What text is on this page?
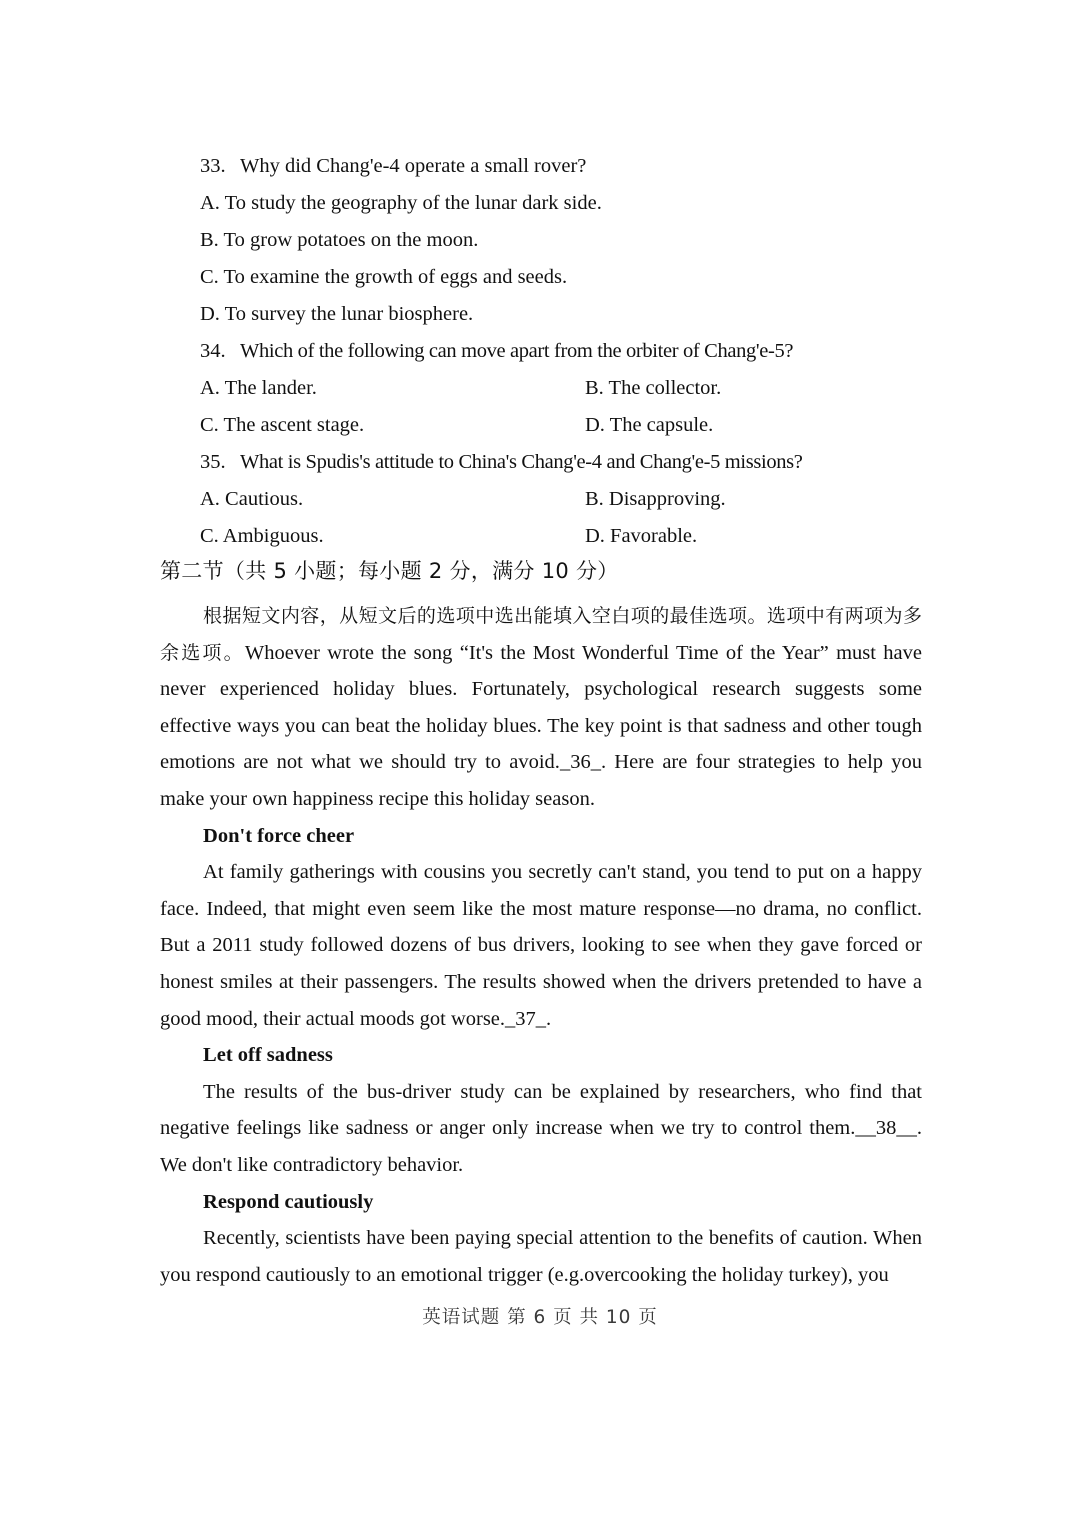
33. Why did Chang'e-4 operate a small rover?
A. To study the geography of the lunar dark side.
B. To grow potatoes on the moon.
C. To examine the growth of eggs and seeds.
D. To survey the lunar biosphere.
34. Which of the following can move apart from the orbiter of Chang'e-5?
A. The lander.	B. The collector.
C. The ascent stage.	D. The capsule.
35. What is Spudis's attitude to China's Chang'e-4 and Chang'e-5 missions?
A. Cautious.	B. Disapproving.
C. Ambiguous.	D. Favorable.
第二节（共 5 小题；每小题 2 分，满分 10 分）

根据短文内容，从短文后的选项中选出能填入空白项的最佳选项。选项中有两项为多余选项。Whoever wrote the song “It's the Most Wonderful Time of the Year” must have never experienced holiday blues. Fortunately, psychological research suggests some effective ways you can beat the holiday blues. The key point is that sadness and other tough emotions are not what we should try to avoid._36_. Here are four strategies to help you make your own happiness recipe this holiday season.

Don't force cheer

At family gatherings with cousins you secretly can't stand, you tend to put on a happy face. Indeed, that might even seem like the most mature response—no drama, no conflict. But a 2011 study followed dozens of bus drivers, looking to see when they gave forced or honest smiles at their passengers. The results showed when the drivers pretended to have a good mood, their actual moods got worse._37_.

Let off sadness

The results of the bus-driver study can be explained by researchers, who find that negative feelings like sadness or anger only increase when we try to control them.__38__. We don't like contradictory behavior.

Respond cautiously

Recently, scientists have been paying special attention to the benefits of caution. When you respond cautiously to an emotional trigger (e.g.overcooking the holiday turkey), you

英语试题 第 6 页 共 10 页
